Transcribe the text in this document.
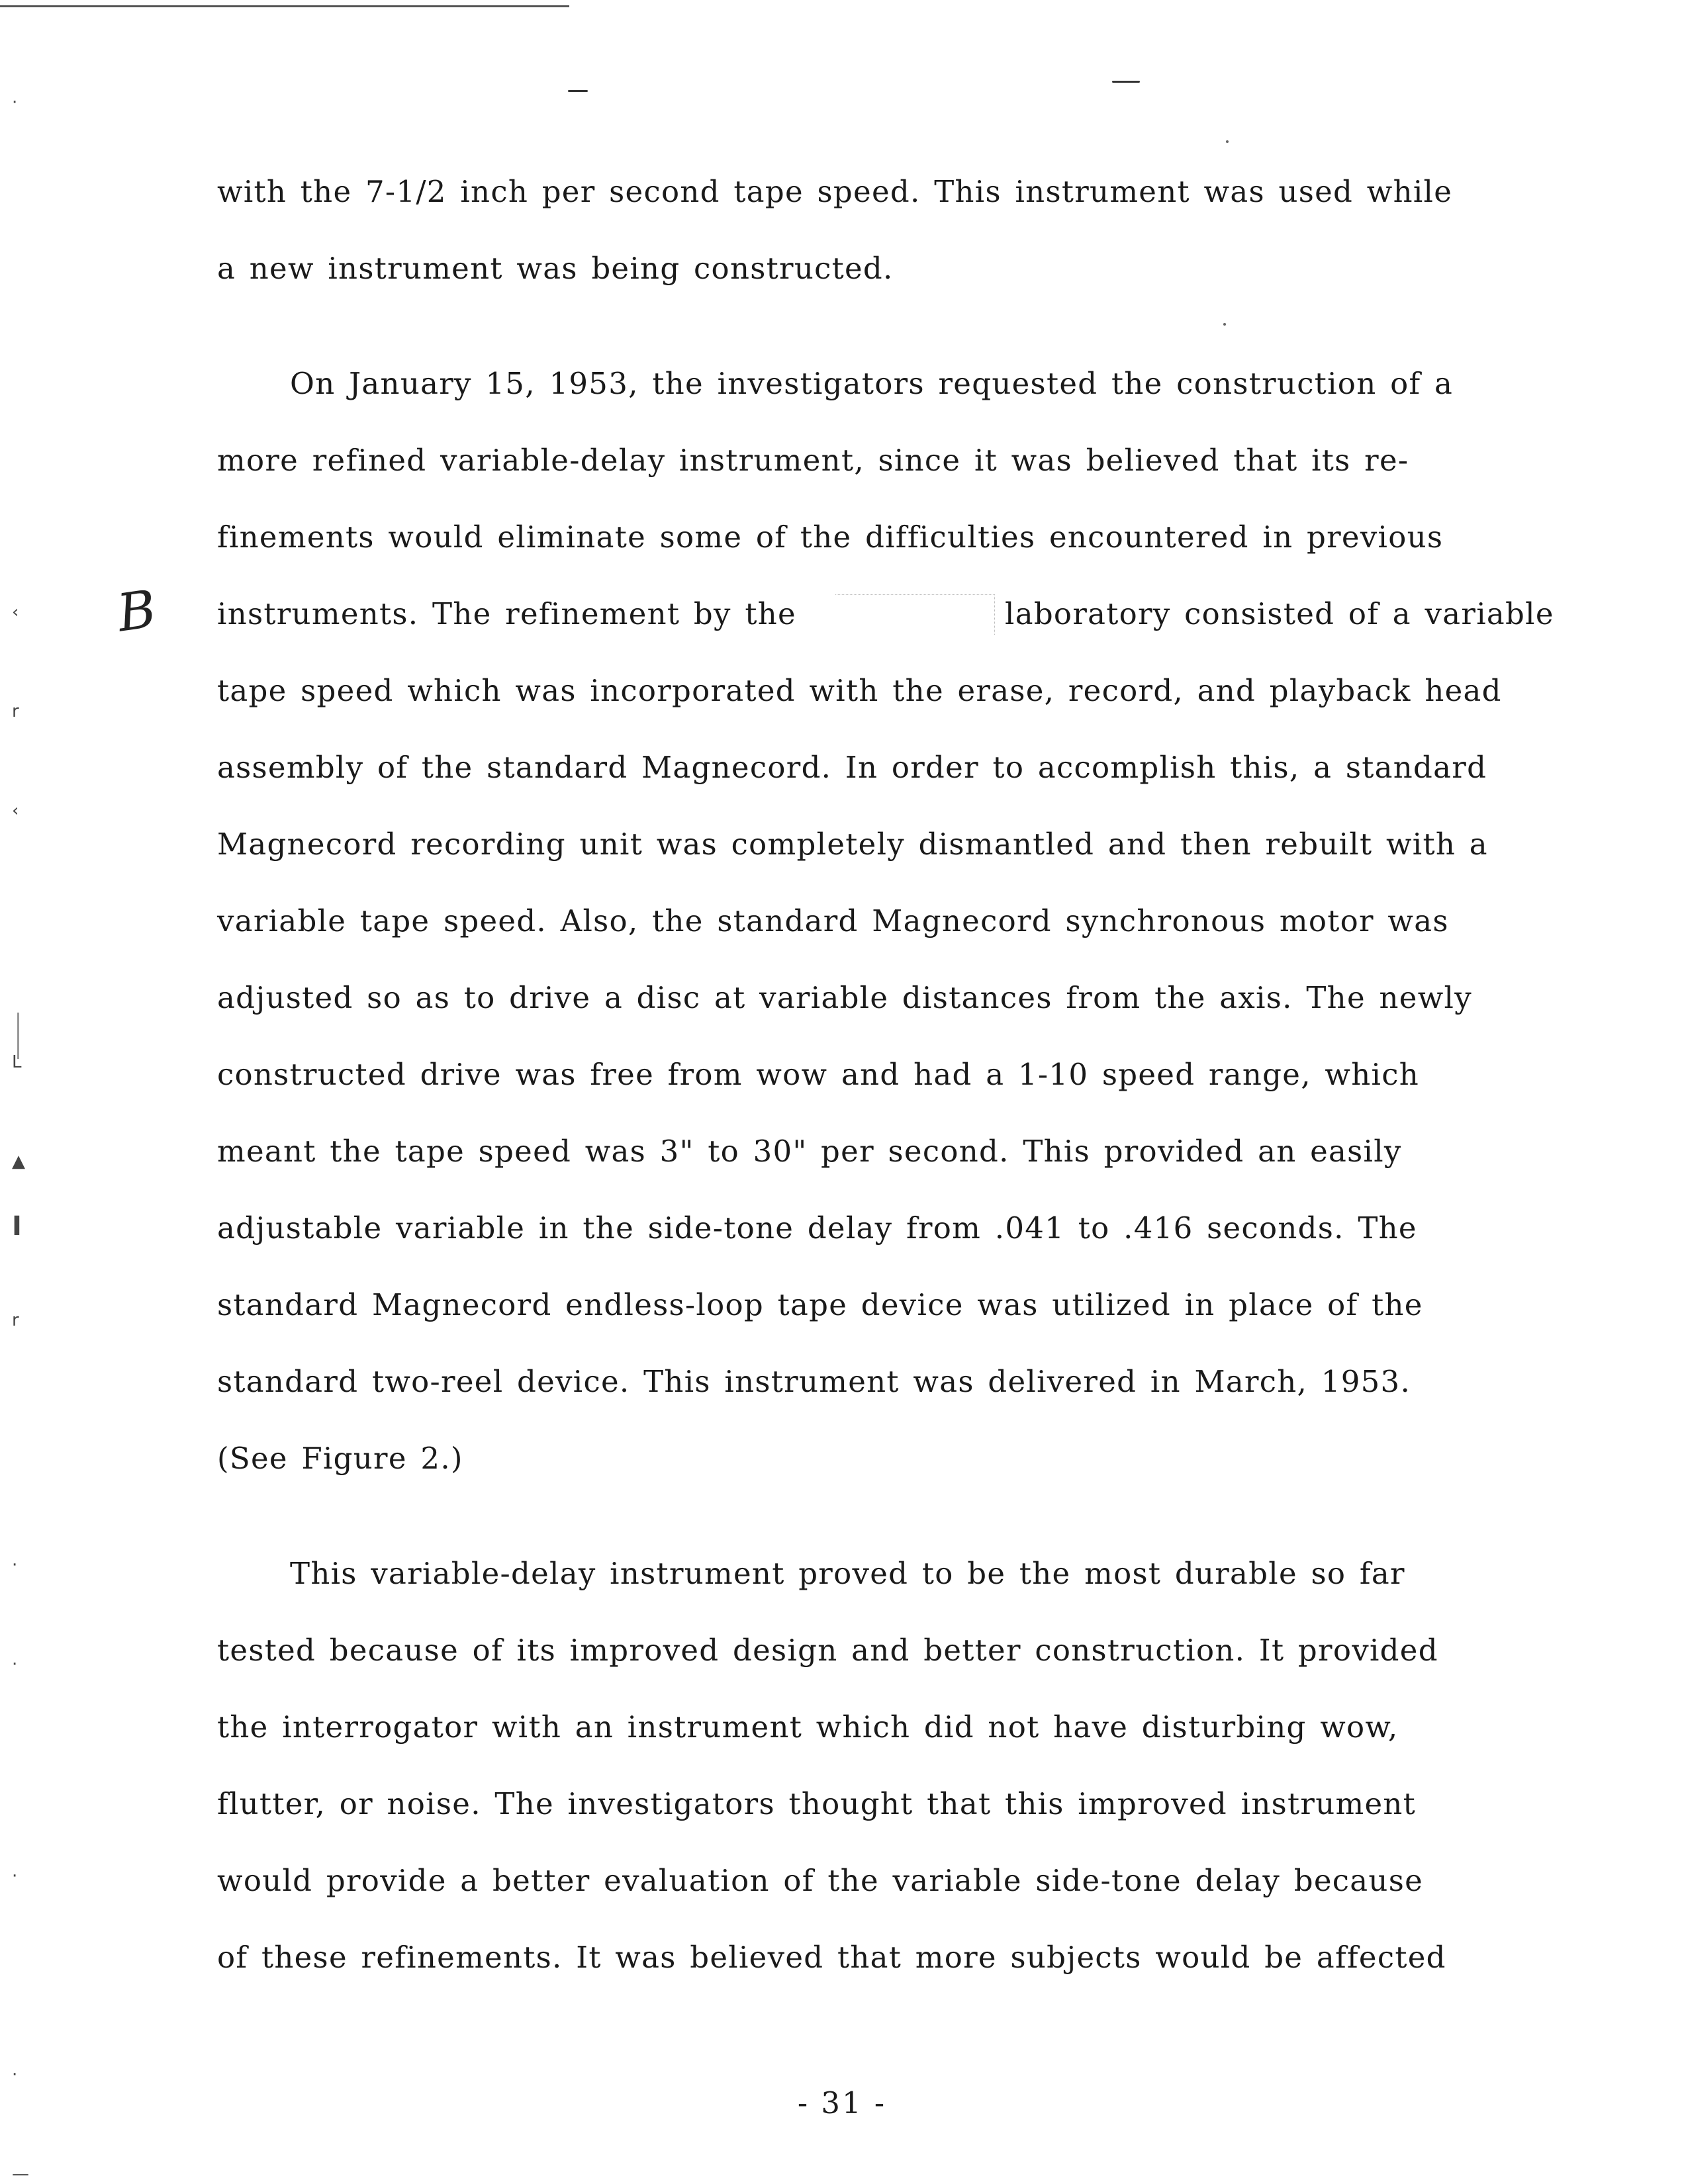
·
‹
r
‹
L
▲
I
r
·
·
·
·
—
B
with the 7-1/2 inch per second tape speed. This instrument was used while
a new instrument was being constructed.
On January 15, 1953, the investigators requested the construction of a
more refined variable-delay instrument, since it was believed that its re-
finements would eliminate some of the difficulties encountered in previous
instruments. The refinement by the	laboratory consisted of a variable
tape speed which was incorporated with the erase, record, and playback head
assembly of the standard Magnecord. In order to accomplish this, a standard
Magnecord recording unit was completely dismantled and then rebuilt with a
variable tape speed. Also, the standard Magnecord synchronous motor was
adjusted so as to drive a disc at variable distances from the axis. The newly
constructed drive was free from wow and had a 1-10 speed range, which
meant the tape speed was 3" to 30" per second. This provided an easily
adjustable variable in the side-tone delay from .041 to .416 seconds. The
standard Magnecord endless-loop tape device was utilized in place of the
standard two-reel device. This instrument was delivered in March, 1953.
(See Figure 2.)
This variable-delay instrument proved to be the most durable so far
tested because of its improved design and better construction. It provided
the interrogator with an instrument which did not have disturbing wow,
flutter, or noise. The investigators thought that this improved instrument
would provide a better evaluation of the variable side-tone delay because
of these refinements. It was believed that more subjects would be affected
- 31 -
